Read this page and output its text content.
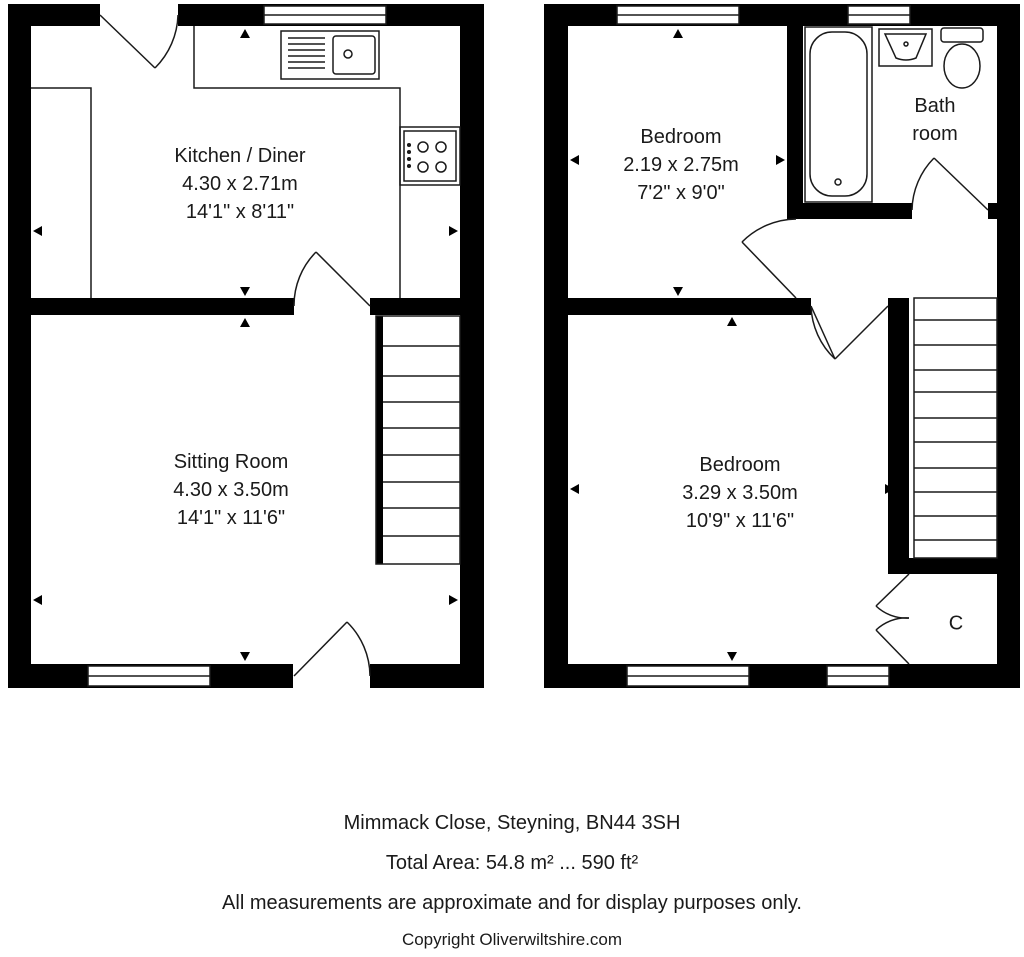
Kitchen / Diner
4.30 x 2.71m
14'1" x 8'11"
Sitting Room
4.30 x 3.50m
14'1" x 11'6"
Bedroom
2.19 x 2.75m
7'2" x 9'0"
Bedroom
3.29 x 3.50m
10'9" x 11'6"
Bath
room
C
Mimmack Close, Steyning, BN44 3SH
Total Area: 54.8 m² ... 590 ft²
All measurements are approximate and for display purposes only.
Copyright Oliverwiltshire.com
